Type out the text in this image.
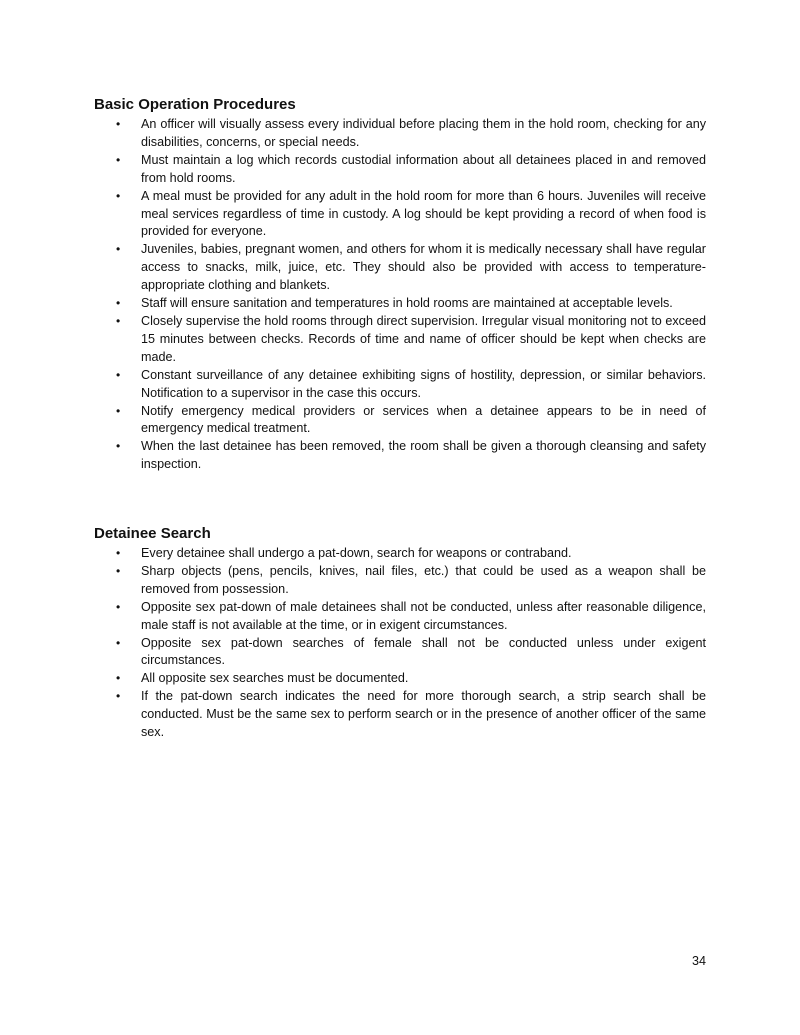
Basic Operation Procedures
• An officer will visually assess every individual before placing them in the hold room, checking for any disabilities, concerns, or special needs.
• Must maintain a log which records custodial information about all detainees placed in and removed from hold rooms.
• A meal must be provided for any adult in the hold room for more than 6 hours. Juveniles will receive meal services regardless of time in custody. A log should be kept providing a record of when food is provided for everyone.
• Juveniles, babies, pregnant women, and others for whom it is medically necessary shall have regular access to snacks, milk, juice, etc. They should also be provided with access to temperature-appropriate clothing and blankets.
• Staff will ensure sanitation and temperatures in hold rooms are maintained at acceptable levels.
• Closely supervise the hold rooms through direct supervision. Irregular visual monitoring not to exceed 15 minutes between checks. Records of time and name of officer should be kept when checks are made.
• Constant surveillance of any detainee exhibiting signs of hostility, depression, or similar behaviors. Notification to a supervisor in the case this occurs.
• Notify emergency medical providers or services when a detainee appears to be in need of emergency medical treatment.
• When the last detainee has been removed, the room shall be given a thorough cleansing and safety inspection.
Detainee Search
• Every detainee shall undergo a pat-down, search for weapons or contraband.
• Sharp objects (pens, pencils, knives, nail files, etc.) that could be used as a weapon shall be removed from possession.
• Opposite sex pat-down of male detainees shall not be conducted, unless after reasonable diligence, male staff is not available at the time, or in exigent circumstances.
• Opposite sex pat-down searches of female shall not be conducted unless under exigent circumstances.
• All opposite sex searches must be documented.
• If the pat-down search indicates the need for more thorough search, a strip search shall be conducted. Must be the same sex to perform search or in the presence of another officer of the same sex.
34
